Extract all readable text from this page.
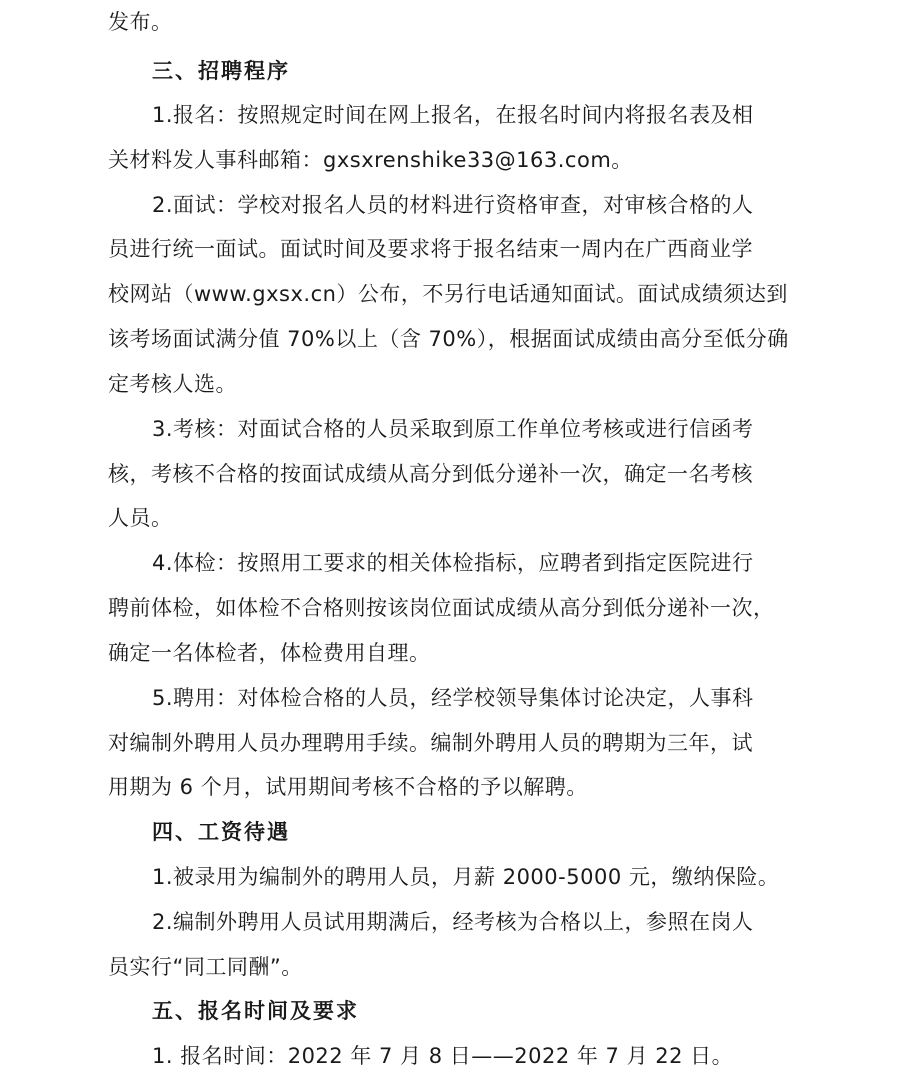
发布。
三、招聘程序
1.报名：按照规定时间在网上报名，在报名时间内将报名表及相
关材料发人事科邮箱：gxsxrenshike33@163.com。
2.面试：学校对报名人员的材料进行资格审查，对审核合格的人
员进行统一面试。面试时间及要求将于报名结束一周内在广西商业学
校网站（www.gxsx.cn）公布，不另行电话通知面试。面试成绩须达到
该考场面试满分值 70%以上（含 70%），根据面试成绩由高分至低分确
定考核人选。
3.考核：对面试合格的人员采取到原工作单位考核或进行信函考
核，考核不合格的按面试成绩从高分到低分递补一次，确定一名考核
人员。
4.体检：按照用工要求的相关体检指标，应聘者到指定医院进行
聘前体检，如体检不合格则按该岗位面试成绩从高分到低分递补一次，
确定一名体检者，体检费用自理。
5.聘用：对体检合格的人员，经学校领导集体讨论决定，人事科
对编制外聘用人员办理聘用手续。编制外聘用人员的聘期为三年，试
用期为 6 个月，试用期间考核不合格的予以解聘。
四、工资待遇
1.被录用为编制外的聘用人员，月薪 2000-5000 元，缴纳保险。
2.编制外聘用人员试用期满后，经考核为合格以上，参照在岗人
员实行“同工同酬”。
五、报名时间及要求
1. 报名时间：2022 年 7 月 8 日——2022 年 7 月 22 日。
